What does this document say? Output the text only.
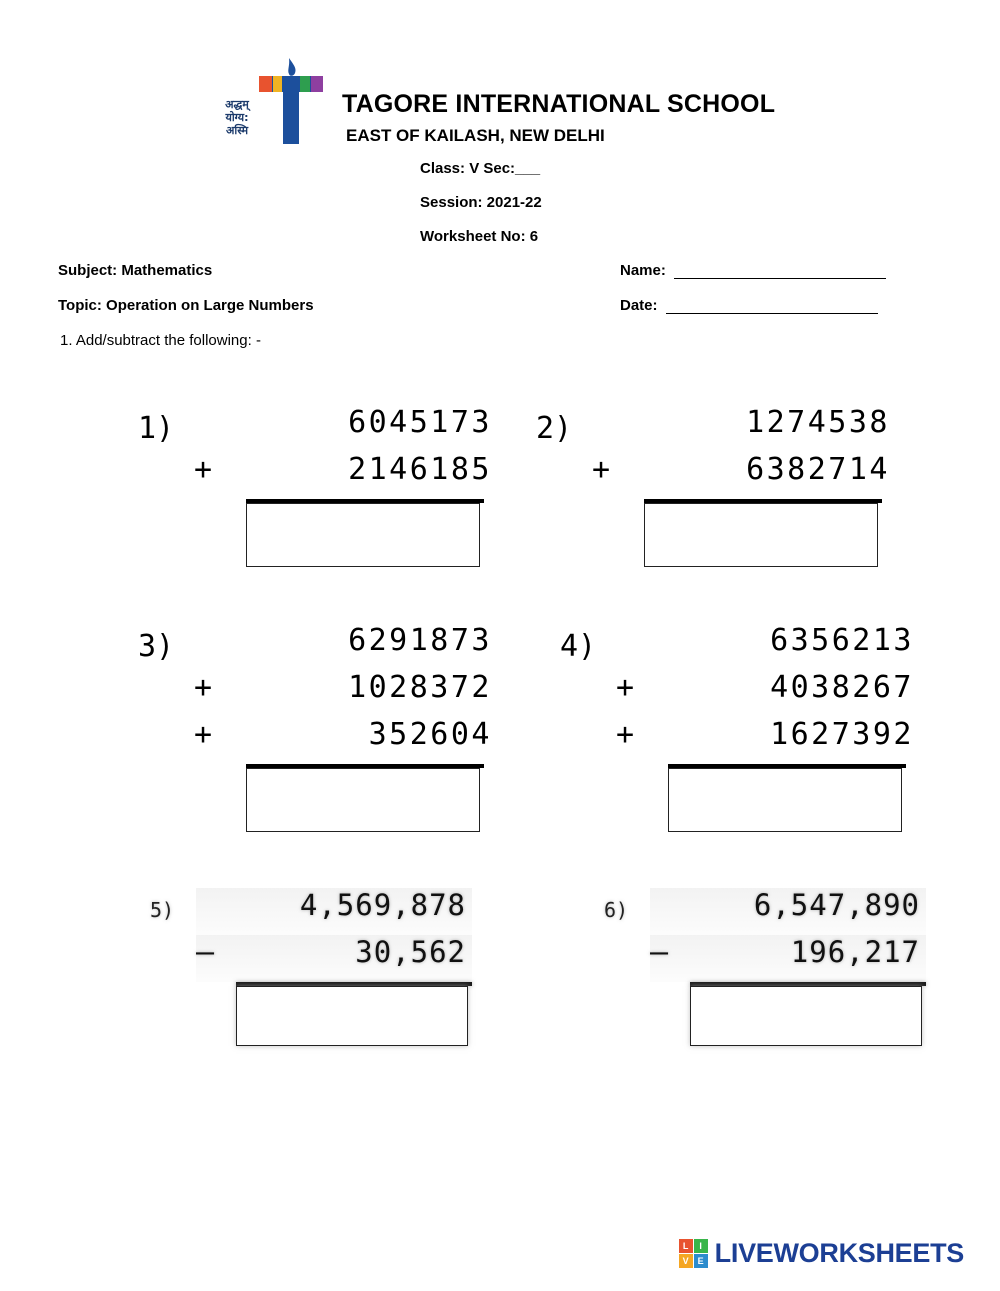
अद्धम्
योग्य:
अस्मि
TAGORE INTERNATIONAL SCHOOL
EAST OF KAILASH, NEW DELHI
Class: V Sec:___
Session: 2021-22
Worksheet No: 6
Subject: Mathematics	Name:
Topic: Operation on Large Numbers	Date:
1. Add/subtract the following: -
1)	6045173
+	2146185
2)	1274538
+	6382714
3)	6291873
+	1028372
+	352604
4)	6356213
+	4038267
+	1627392
5)	4,569,878
–	30,562
6)	6,547,890
–	196,217
L	I
V E LIVEWORKSHEETS
